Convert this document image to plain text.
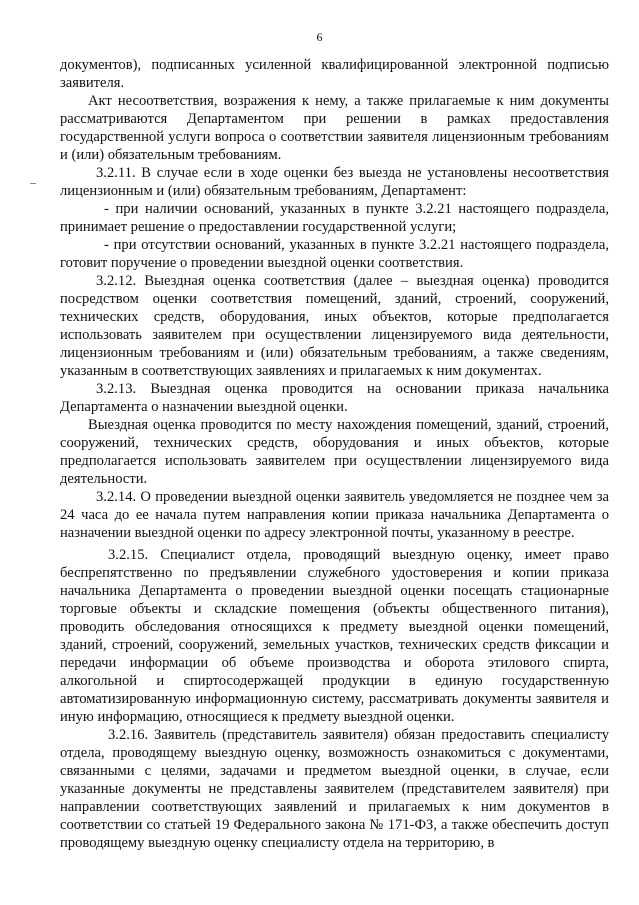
6

документов), подписанных усиленной квалифицированной электронной подписью заявителя.

Акт несоответствия, возражения к нему, а также прилагаемые к ним документы рассматриваются Департаментом при решении в рамках предоставления государственной услуги вопроса о соответствии заявителя лицензионным требованиям и (или) обязательным требованиям.

3.2.11. В случае если в ходе оценки без выезда не установлены несоответствия лицензионным и (или) обязательным требованиям, Департамент:

- при наличии оснований, указанных в пункте 3.2.21 настоящего подраздела, принимает решение о предоставлении государственной услуги;

- при отсутствии оснований, указанных в пункте 3.2.21 настоящего подраздела, готовит поручение о проведении выездной оценки соответствия.

3.2.12. Выездная оценка соответствия (далее – выездная оценка) проводится посредством оценки соответствия помещений, зданий, строений, сооружений, технических средств, оборудования, иных объектов, которые предполагается использовать заявителем при осуществлении лицензируемого вида деятельности, лицензионным требованиям и (или) обязательным требованиям, а также сведениям, указанным в соответствующих заявлениях и прилагаемых к ним документах.

3.2.13. Выездная оценка проводится на основании приказа начальника Департамента о назначении выездной оценки.

Выездная оценка проводится по месту нахождения помещений, зданий, строений, сооружений, технических средств, оборудования и иных объектов, которые предполагается использовать заявителем при осуществлении лицензируемого вида деятельности.

3.2.14. О проведении выездной оценки заявитель уведомляется не позднее чем за 24 часа до ее начала путем направления копии приказа начальника Департамента о назначении выездной оценки по адресу электронной почты, указанному в реестре.

3.2.15. Специалист отдела, проводящий выездную оценку, имеет право беспрепятственно по предъявлении служебного удостоверения и копии приказа начальника Департамента о проведении выездной оценки посещать стационарные торговые объекты и складские помещения (объекты общественного питания), проводить обследования относящихся к предмету выездной оценки помещений, зданий, строений, сооружений, земельных участков, технических средств фиксации и передачи информации об объеме производства и оборота этилового спирта, алкогольной и спиртосодержащей продукции в единую государственную автоматизированную информационную систему, рассматривать документы заявителя и иную информацию, относящиеся к предмету выездной оценки.

3.2.16. Заявитель (представитель заявителя) обязан предоставить специалисту отдела, проводящему выездную оценку, возможность ознакомиться с документами, связанными с целями, задачами и предметом выездной оценки, в случае, если указанные документы не представлены заявителем (представителем заявителя) при направлении соответствующих заявлений и прилагаемых к ним документов в соответствии со статьей 19 Федерального закона № 171-ФЗ, а также обеспечить доступ проводящему выездную оценку специалисту отдела на территорию, в
